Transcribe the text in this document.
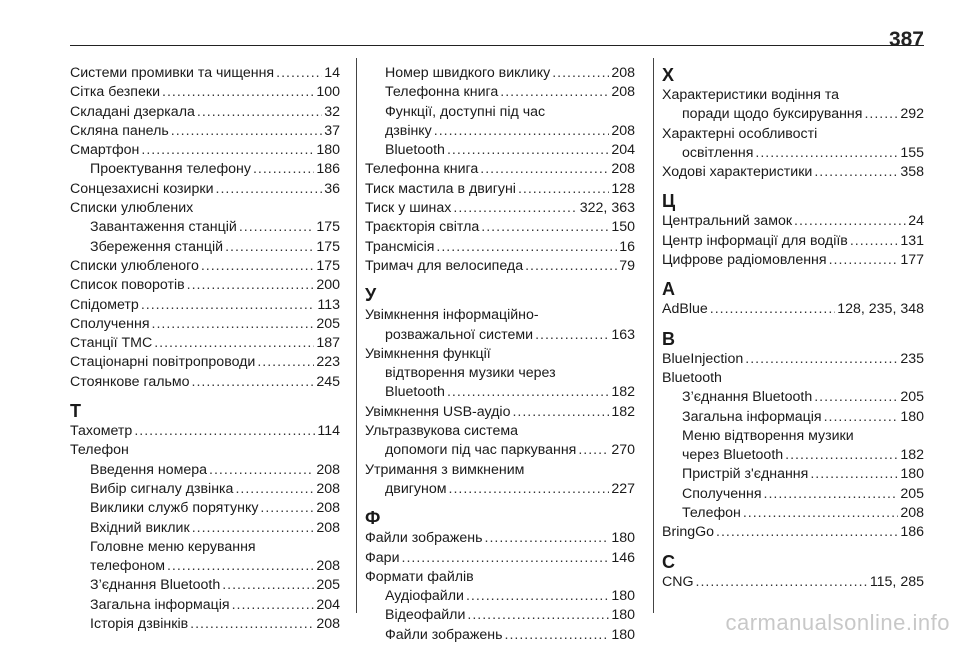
387
Системи промивки та чищення .....	14
Сітка безпеки .....	100
Складані дзеркала .....	32
Скляна панель .....	37
Смартфон .....	180
Проектування телефону .....	186
Сонцезахисні козирки .....	36
Списки улюблених
Завантаження станцій .....	175
Збереження станцій .....	175
Списки улюбленого .....	175
Список поворотів .....	200
Спідометр .....	113
Сполучення .....	205
Станції TMC .....	187
Стаціонарні повітропроводи .....	223
Стоянкове гальмо .....	245
Т
Тахометр .....	114
Телефон
Введення номера .....	208
Вибір сигналу дзвінка .....	208
Виклики служб порятунку .....	208
Вхідний виклик .....	208
Головне меню керування
телефоном .....	208
З’єднання Bluetooth .....	205
Загальна інформація .....	204
Історія дзвінків .....	208
Номер швидкого виклику .....	208
Телефонна книга .....	208
Функції, доступні під час
дзвінку .....	208
Bluetooth .....	204
Телефонна книга .....	208
Тиск мастила в двигуні .....	128
Тиск у шинах .....	322, 363
Траєкторія світла .....	150
Трансмісія .....	16
Тримач для велосипеда .....	79
У
Увімкнення інформаційно-
розважальної системи .....	163
Увімкнення функції
відтворення музики через
Bluetooth .....	182
Увімкнення USB-аудіо .....	182
Ультразвукова система
допомоги під час паркування ..... 270
Утримання з вимкненим
двигуном .....	227
Ф
Файли зображень .....	180
Фари .....	146
Формати файлів
Аудіофайли .....	180
Відеофайли .....	180
Файли зображень .....	180
Х
Характеристики водіння та
поради щодо буксирування .....	292
Характерні особливості
освітлення .....	155
Ходові характеристики .....	358
Ц
Центральний замок .....	24
Центр інформації для водіїв .....	131
Цифрове радіомовлення .....	177
A
AdBlue .....	128, 235, 348
B
BlueInjection .....	235
Bluetooth
З’єднання Bluetooth .....	205
Загальна інформація .....	180
Меню відтворення музики
через Bluetooth .....	182
Пристрій з'єднання .....	180
Сполучення .....	205
Телефон .....	208
BringGo .....	186
C
CNG .....	115, 285
carmanualsonline.info
